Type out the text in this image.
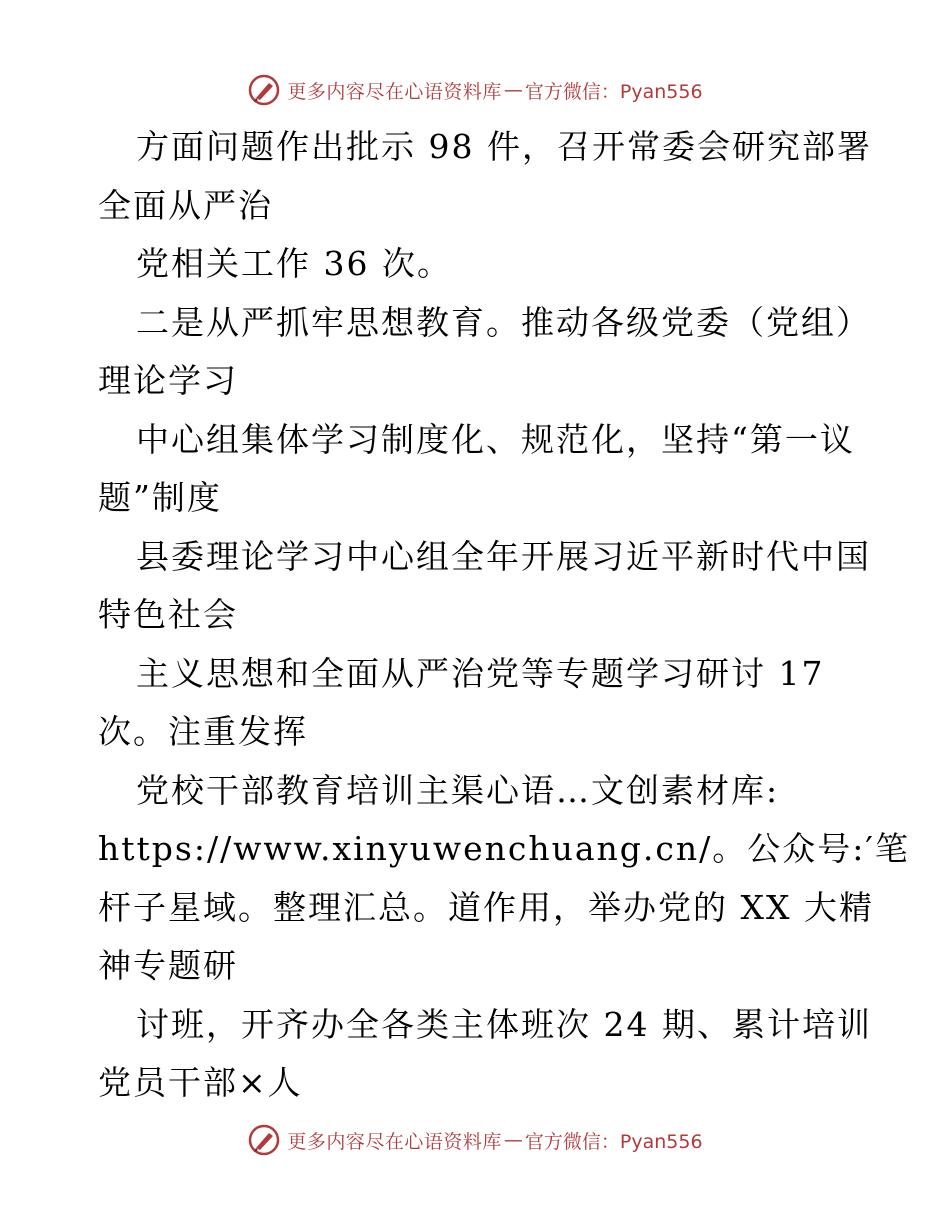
更多内容尽在心语资料库 — 官方微信：Pyan556
方面问题作出批示 98 件，召开常委会研究部署
全面从严治
党相关工作 36 次。
二是从严抓牢思想教育。推动各级党委（党组）
理论学习
中心组集体学习制度化、规范化，坚持“第一议
题”制度
县委理论学习中心组全年开展习近平新时代中国
特色社会
主义思想和全面从严治党等专题学习研讨 17
次。注重发挥
党校干部教育培训主渠心语…文创素材库:
https://www.xinyuwenchuang.cn/。公众号:′笔
杆子星域。整理汇总。道作用，举办党的 XX 大精
神专题研
讨班，开齐办全各类主体班次 24 期、累计培训
党员干部×人
更多内容尽在心语资料库 — 官方微信：Pyan556
